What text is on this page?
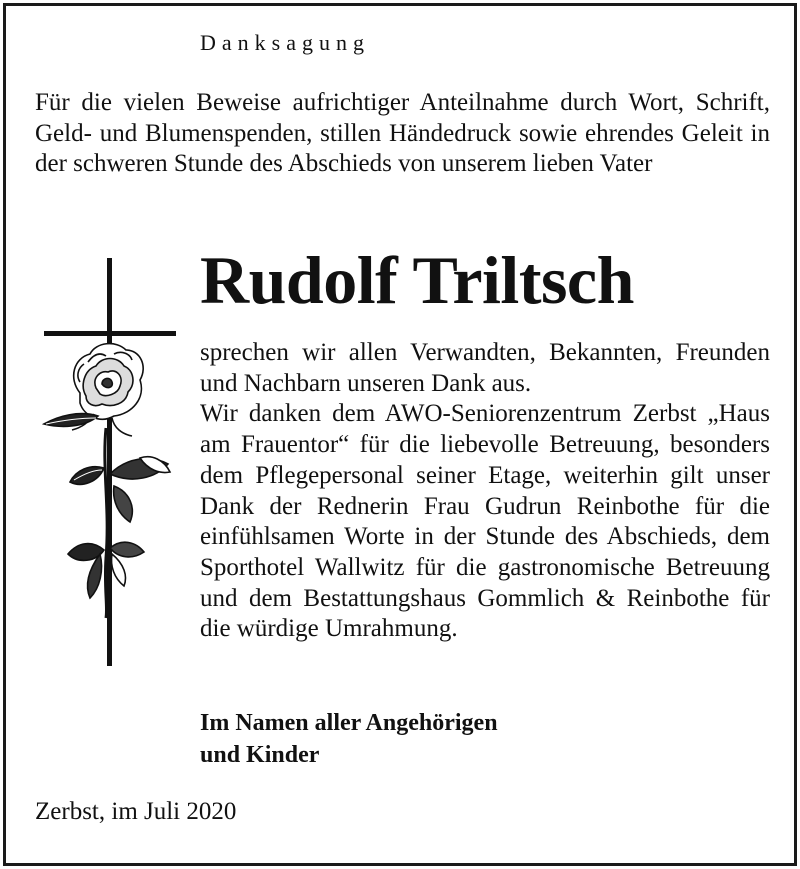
Danksagung

Für die vielen Beweise aufrichtiger Anteilnahme durch Wort, Schrift, Geld- und Blumenspenden, stillen Händedruck sowie ehrendes Geleit in der schweren Stunde des Abschieds von unserem lieben Vater

Rudolf Triltsch
sprechen wir allen Verwandten, Bekannten, Freunden und Nachbarn unseren Dank aus.
Wir danken dem AWO-Seniorenzentrum Zerbst „Haus am Frauentor“ für die liebevolle Betreuung, besonders dem Pflegepersonal seiner Etage, weiterhin gilt unser Dank der Rednerin Frau Gudrun Reinbothe für die einfühlsamen Worte in der Stunde des Abschieds, dem Sporthotel Wallwitz für die gastronomische Betreuung und dem Bestattungshaus Gommlich & Reinbothe für die würdige Umrahmung.

Im Namen aller Angehörigen
und Kinder

Zerbst, im Juli 2020
